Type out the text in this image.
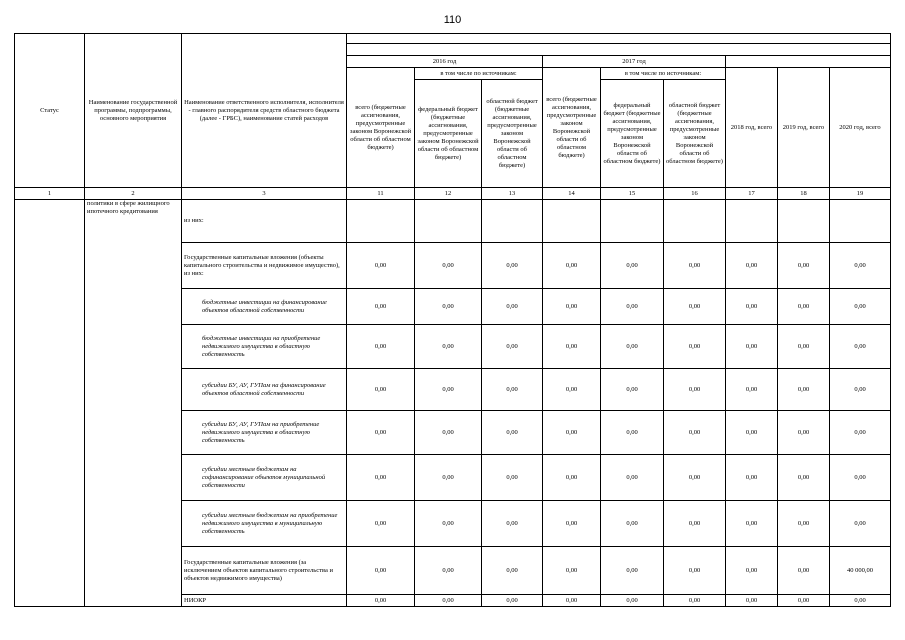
110
Статус	Наименование государственной программы, подпрограммы, основного мероприятия	Наименование ответственного исполнителя, исполнителя - главного распорядителя средств областного бюджета (далее - ГРБС), наименование статей расходов									

			2016 год			2017 год					
			всего (бюджетные ассигнования, предусмотренные законом Воронежской области об областном бюджете)	в том числе по источникам:		всего (бюджетные ассигнования, предусмотренные законом Воронежской области об областном бюджете)	в том числе по источникам:		2018 год, всего	2019 год, всего	2020 год, всего
				федеральный бюджет (бюджетные ассигнования, предусмотренные законом Воронежской области об областном бюджете)	областной бюджет (бюджетные ассигнования, предусмотренные законом Воронежской области об областном бюджете)		федеральный бюджет (бюджетные ассигнования, предусмотренные законом Воронежской области об областном бюджете)	областной бюджет (бюджетные ассигнования, предусмотренные законом Воронежской области об областном бюджете)			

1	2	3	11	12	13	14	15	16	17	18	19
	политики в сфере жилищного ипотечного кредитования	из них:									
		Государственные капитальные вложения (объекты капитального строительства и недвижимое имущество), из них:	0,00	0,00	0,00	0,00	0,00	0,00	0,00	0,00	0,00
		бюджетные инвестиции на финансирование объектов областной собственности	0,00	0,00	0,00	0,00	0,00	0,00	0,00	0,00	0,00
		бюджетные инвестиции на приобретение недвижимого имущества в областную собственность	0,00	0,00	0,00	0,00	0,00	0,00	0,00	0,00	0,00
		субсидии БУ, АУ, ГУПам на финансирование объектов областной собственности	0,00	0,00	0,00	0,00	0,00	0,00	0,00	0,00	0,00
		субсидии БУ, АУ, ГУПам на приобретение недвижимого имущества в областную собственность	0,00	0,00	0,00	0,00	0,00	0,00	0,00	0,00	0,00
		субсидии местным бюджетам на софинансирование объектов муниципальной собственности	0,00	0,00	0,00	0,00	0,00	0,00	0,00	0,00	0,00
		субсидии местным бюджетам на приобретение недвижимого имущества в муниципальную собственность	0,00	0,00	0,00	0,00	0,00	0,00	0,00	0,00	0,00
		Государственные капитальные вложения (за исключением объектов капитального строительства и объектов недвижимого имущества)	0,00	0,00	0,00	0,00	0,00	0,00	0,00	0,00	40 000,00
		НИОКР	0,00	0,00	0,00	0,00	0,00	0,00	0,00	0,00	0,00
